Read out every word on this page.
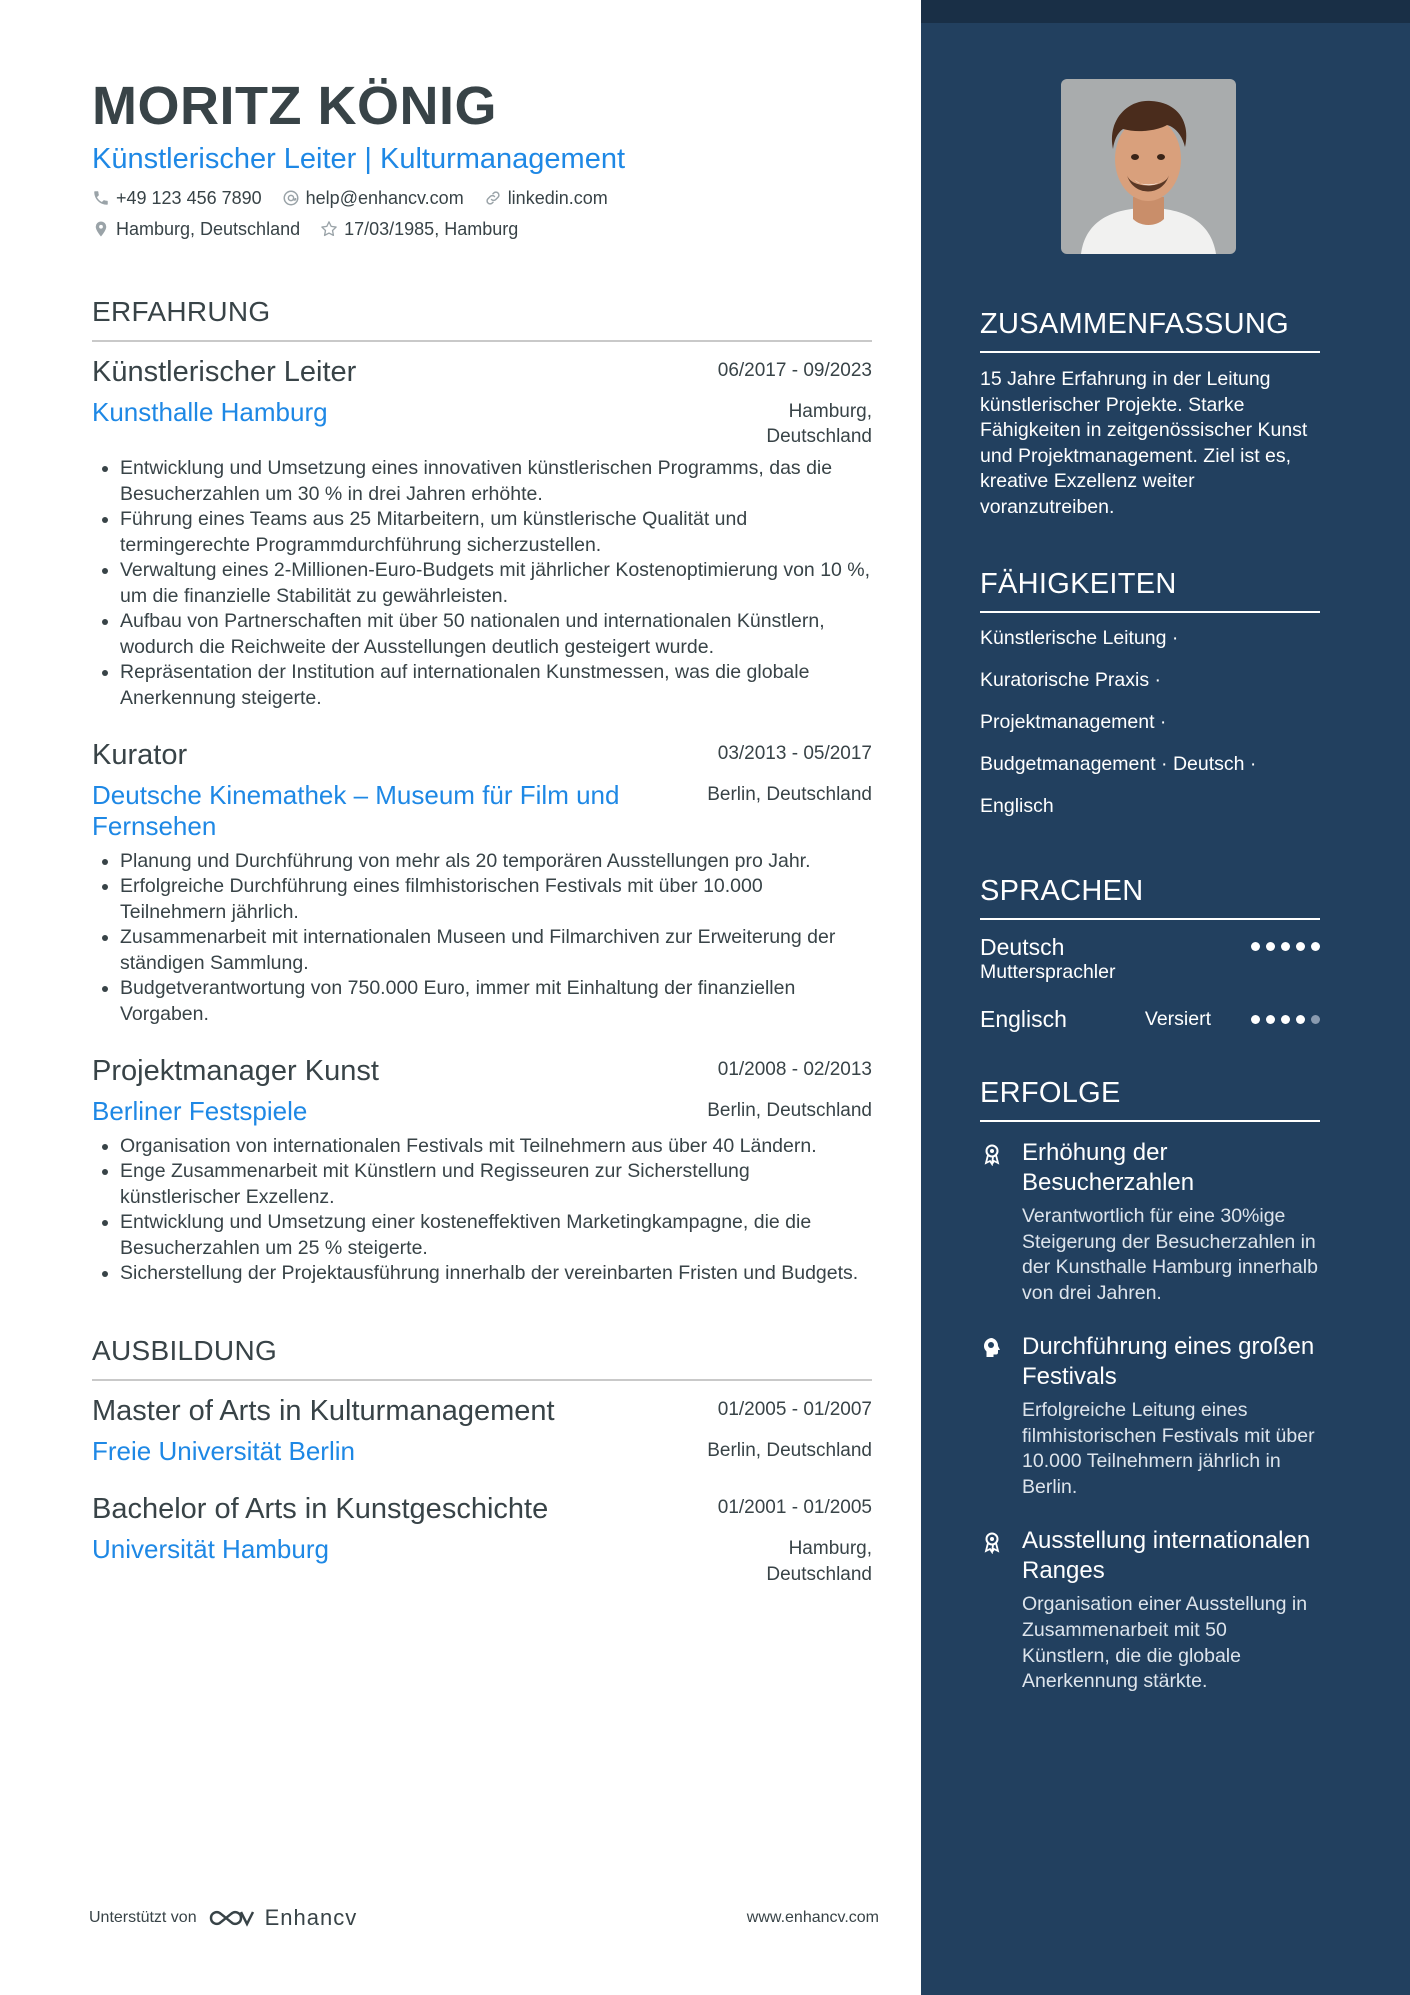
MORITZ KÖNIG
Künstlerischer Leiter | Kulturmanagement
+49 123 456 7890 help@enhancv.com linkedin.com
Hamburg, Deutschland 17/03/1985, Hamburg
ERFAHRUNG
Künstlerischer Leiter	06/2017 - 09/2023
Kunsthalle Hamburg	Hamburg,
Deutschland
• Entwicklung und Umsetzung eines innovativen künstlerischen Programms, das die Besucherzahlen um 30 % in drei Jahren erhöhte.
• Führung eines Teams aus 25 Mitarbeitern, um künstlerische Qualität und termingerechte Programmdurchführung sicherzustellen.
• Verwaltung eines 2-Millionen-Euro-Budgets mit jährlicher Kostenoptimierung von 10 %, um die finanzielle Stabilität zu gewährleisten.
• Aufbau von Partnerschaften mit über 50 nationalen und internationalen Künstlern, wodurch die Reichweite der Ausstellungen deutlich gesteigert wurde.
• Repräsentation der Institution auf internationalen Kunstmessen, was die globale Anerkennung steigerte.
Kurator	03/2013 - 05/2017
Deutsche Kinemathek – Museum für Film und
Fernsehen
Berlin, Deutschland
• Planung und Durchführung von mehr als 20 temporären Ausstellungen pro Jahr.
• Erfolgreiche Durchführung eines filmhistorischen Festivals mit über 10.000 Teilnehmern jährlich.
• Zusammenarbeit mit internationalen Museen und Filmarchiven zur Erweiterung der ständigen Sammlung.
• Budgetverantwortung von 750.000 Euro, immer mit Einhaltung der finanziellen Vorgaben.
Projektmanager Kunst	01/2008 - 02/2013
Berliner Festspiele	Berlin, Deutschland
• Organisation von internationalen Festivals mit Teilnehmern aus über 40 Ländern.
• Enge Zusammenarbeit mit Künstlern und Regisseuren zur Sicherstellung künstlerischer Exzellenz.
• Entwicklung und Umsetzung einer kosteneffektiven Marketingkampagne, die die Besucherzahlen um 25 % steigerte.
• Sicherstellung der Projektausführung innerhalb der vereinbarten Fristen und Budgets.
AUSBILDUNG
Master of Arts in Kulturmanagement	01/2005 - 01/2007
Freie Universität Berlin	Berlin, Deutschland
Bachelor of Arts in Kunstgeschichte	01/2001 - 01/2005
Universität Hamburg	Hamburg,
Deutschland
Unterstützt von	Enhancv	www.enhancv.com
ZUSAMMENFASSUNG
15 Jahre Erfahrung in der Leitung künstlerischer Projekte. Starke Fähigkeiten in zeitgenössischer Kunst und Projektmanagement. Ziel ist es, kreative Exzellenz weiter voranzutreiben.
FÄHIGKEITEN
Künstlerische Leitung ·
Kuratorische Praxis ·
Projektmanagement ·
Budgetmanagement · Deutsch ·
Englisch
SPRACHEN
Deutsch
Muttersprachler
Englisch	Versiert
ERFOLGE
Erhöhung der Besucherzahlen
Verantwortlich für eine 30%ige Steigerung der Besucherzahlen in der Kunsthalle Hamburg innerhalb von drei Jahren.
Durchführung eines großen Festivals
Erfolgreiche Leitung eines filmhistorischen Festivals mit über 10.000 Teilnehmern jährlich in Berlin.
Ausstellung internationalen Ranges
Organisation einer Ausstellung in Zusammenarbeit mit 50 Künstlern, die die globale Anerkennung stärkte.
